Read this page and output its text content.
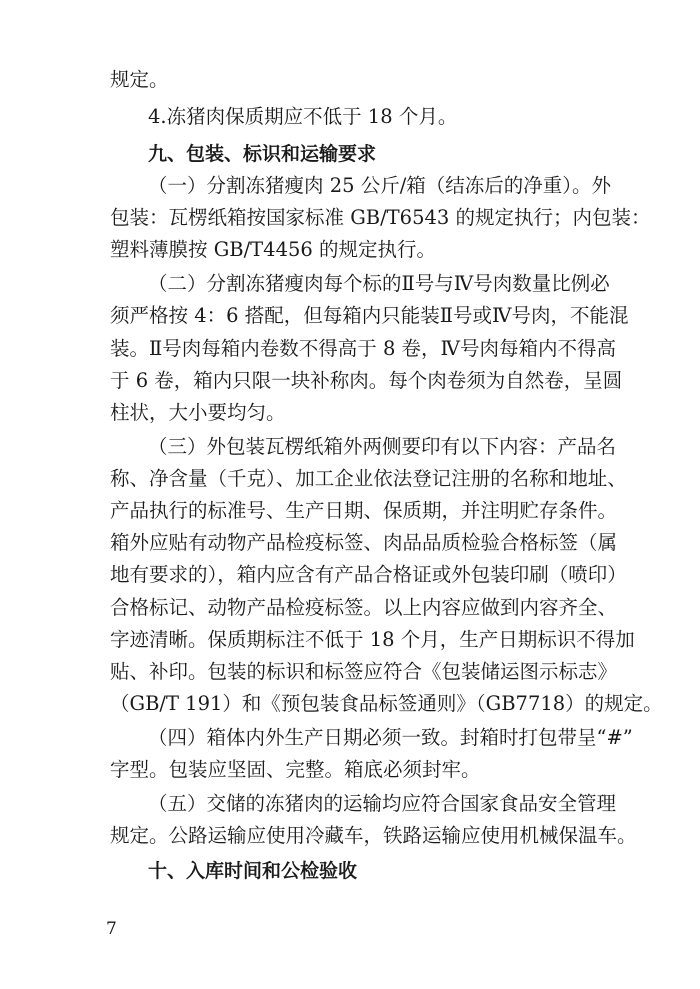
规定。
4.冻猪肉保质期应不低于 18 个月。
九、包装、标识和运输要求
（一）分割冻猪瘦肉 25 公斤/箱（结冻后的净重）。外
包装：瓦楞纸箱按国家标准 GB/T6543 的规定执行；内包装：
塑料薄膜按 GB/T4456 的规定执行。
（二）分割冻猪瘦肉每个标的Ⅱ号与Ⅳ号肉数量比例必
须严格按 4：6 搭配，但每箱内只能装Ⅱ号或Ⅳ号肉，不能混
装。Ⅱ号肉每箱内卷数不得高于 8 卷，Ⅳ号肉每箱内不得高
于 6 卷，箱内只限一块补称肉。每个肉卷须为自然卷，呈圆
柱状，大小要均匀。
（三）外包装瓦楞纸箱外两侧要印有以下内容：产品名
称、净含量（千克）、加工企业依法登记注册的名称和地址、
产品执行的标准号、生产日期、保质期，并注明贮存条件。
箱外应贴有动物产品检疫标签、肉品品质检验合格标签（属
地有要求的），箱内应含有产品合格证或外包装印刷（喷印）
合格标记、动物产品检疫标签。以上内容应做到内容齐全、
字迹清晰。保质期标注不低于 18 个月，生产日期标识不得加
贴、补印。包装的标识和标签应符合《包装储运图示标志》
（GB/T 191）和《预包装食品标签通则》（GB7718）的规定。
（四）箱体内外生产日期必须一致。封箱时打包带呈“#”
字型。包装应坚固、完整。箱底必须封牢。
（五）交储的冻猪肉的运输均应符合国家食品安全管理
规定。公路运输应使用冷藏车，铁路运输应使用机械保温车。
十、入库时间和公检验收
7
